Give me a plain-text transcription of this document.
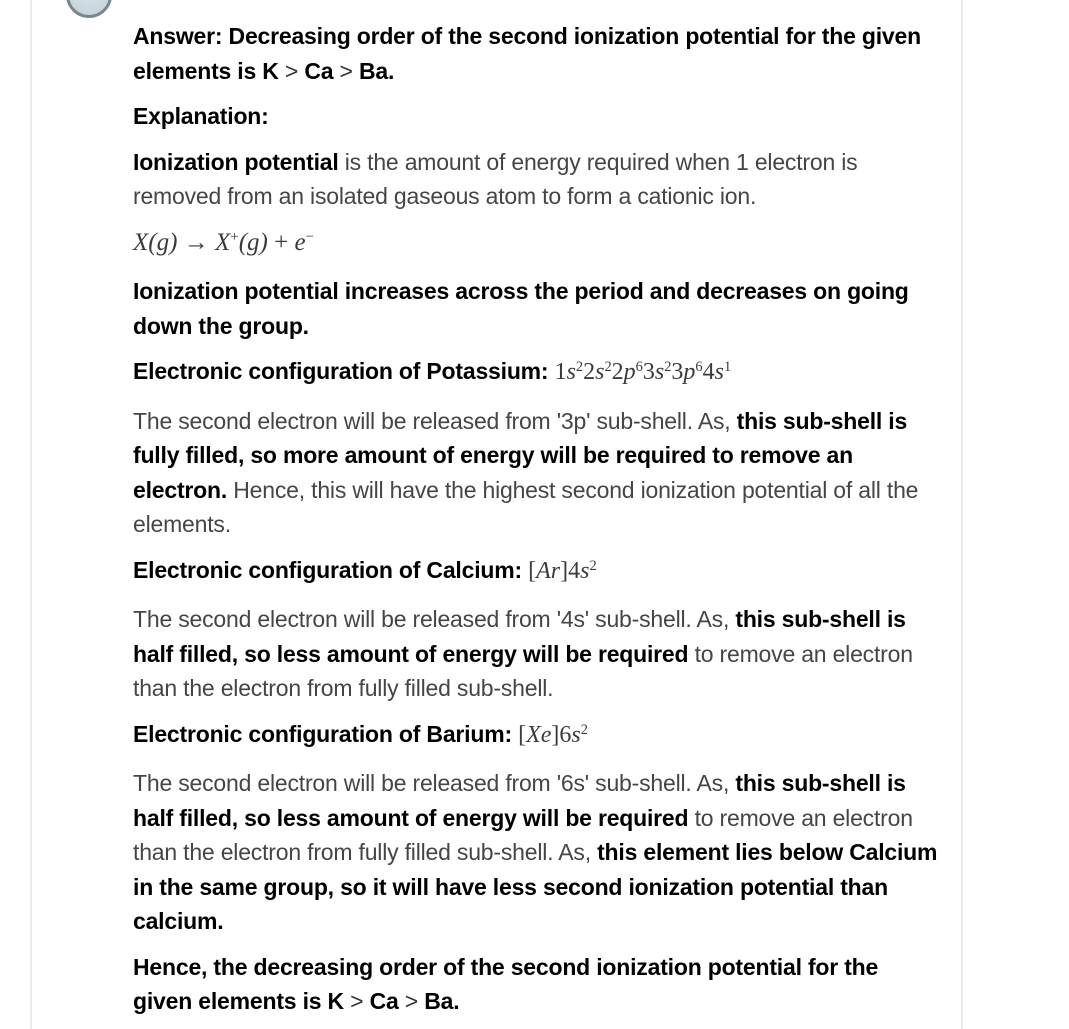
Answer: Decreasing order of the second ionization potential for the given elements is K > Ca > Ba.

Explanation:

Ionization potential is the amount of energy required when 1 electron is removed from an isolated gaseous atom to form a cationic ion.

X(g) → X+(g) + e−

Ionization potential increases across the period and decreases on going down the group.

Electronic configuration of Potassium: $1s^22s^22p^63s^23p^64s^1$

The second electron will be released from '3p' sub-shell. As, this sub-shell is fully filled, so more amount of energy will be required to remove an electron. Hence, this will have the highest second ionization potential of all the elements.

Electronic configuration of Calcium: $[Ar]4s^2$

The second electron will be released from '4s' sub-shell. As, this sub-shell is half filled, so less amount of energy will be required to remove an electron than the electron from fully filled sub-shell.

Electronic configuration of Barium: $[Xe]6s^2$

The second electron will be released from '6s' sub-shell. As, this sub-shell is half filled, so less amount of energy will be required to remove an electron than the electron from fully filled sub-shell. As, this element lies below Calcium in the same group, so it will have less second ionization potential than calcium.

Hence, the decreasing order of the second ionization potential for the given elements is K > Ca > Ba.
